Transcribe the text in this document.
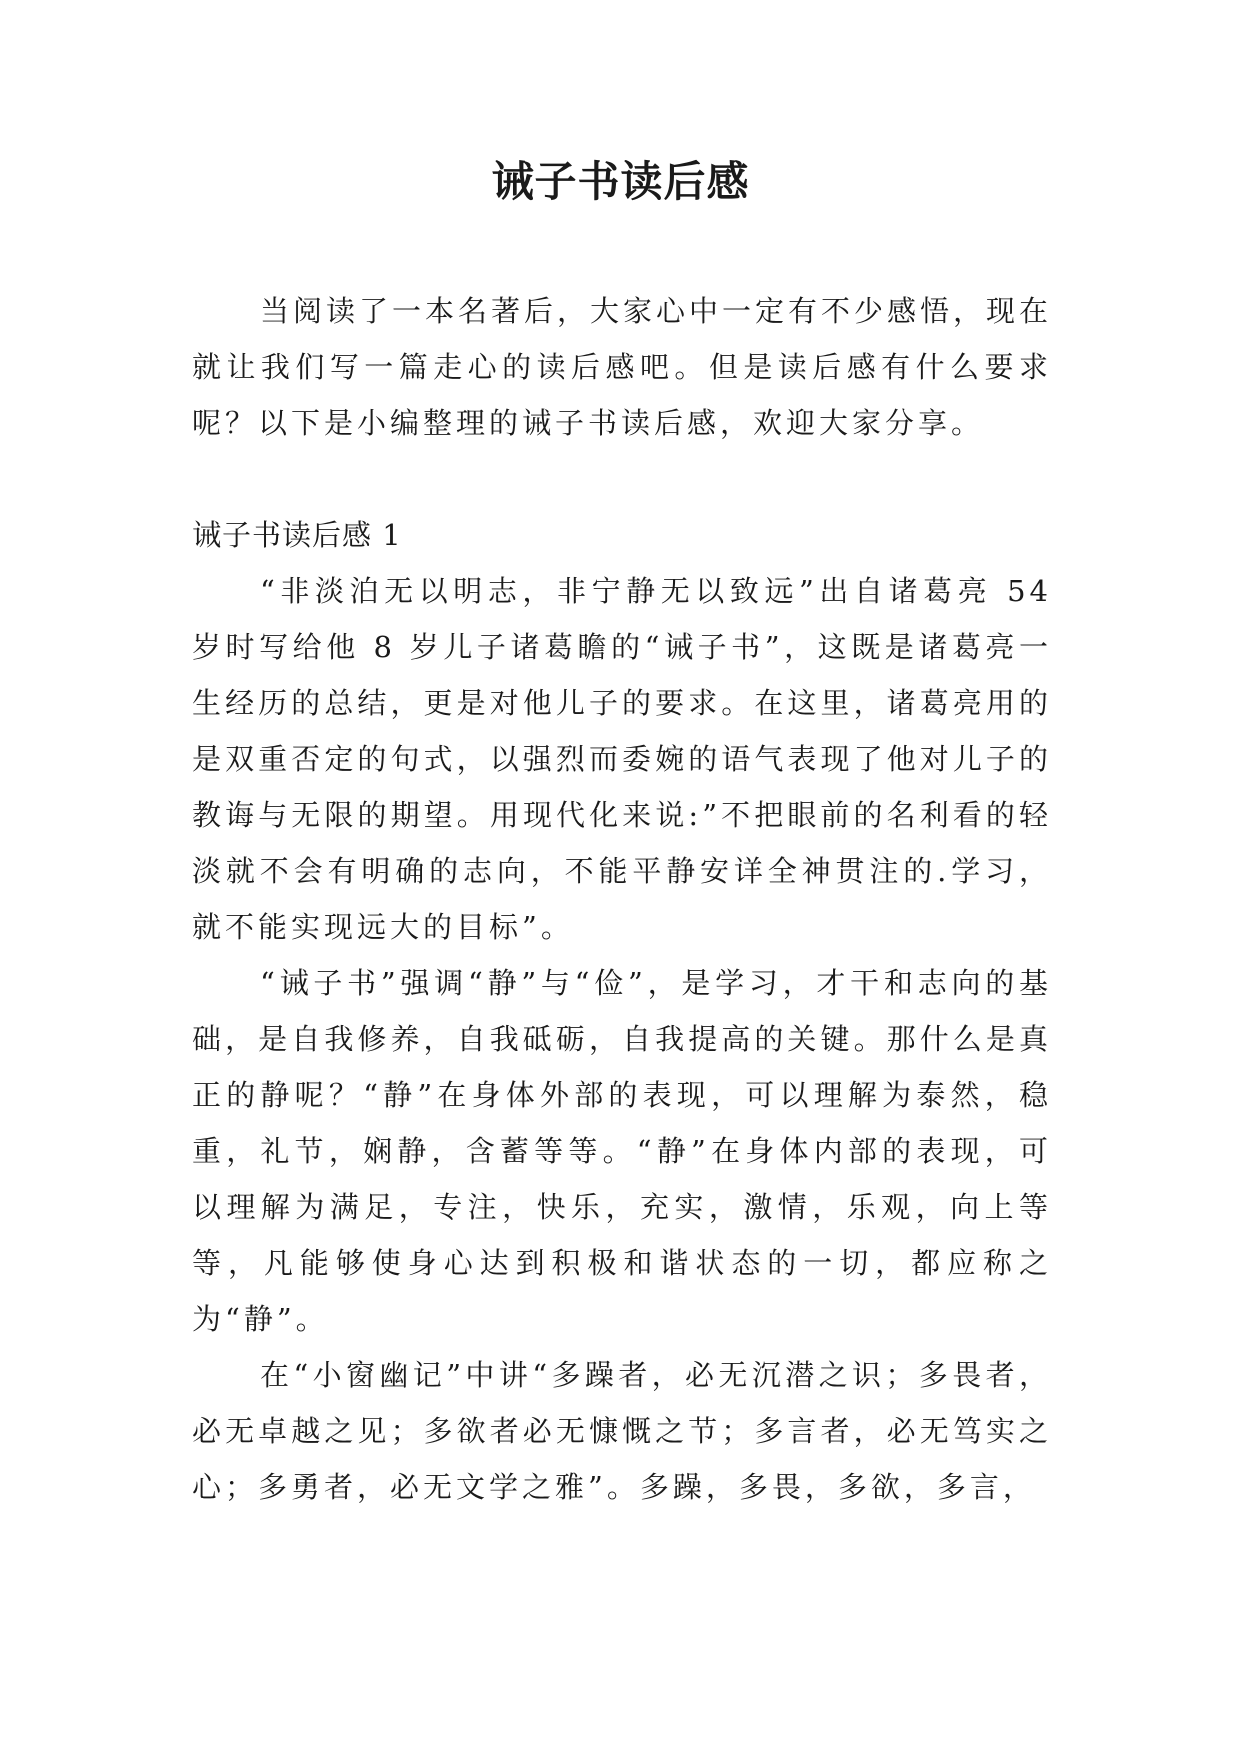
诫子书读后感

当阅读了一本名著后，大家心中一定有不少感悟，现在就让我们写一篇走心的读后感吧。但是读后感有什么要求呢？以下是小编整理的诫子书读后感，欢迎大家分享。

诫子书读后感 1

“非淡泊无以明志，非宁静无以致远”出自诸葛亮 54 岁时写给他 8 岁儿子诸葛瞻的“诫子书”，这既是诸葛亮一生经历的总结，更是对他儿子的要求。在这里，诸葛亮用的是双重否定的句式，以强烈而委婉的语气表现了他对儿子的教诲与无限的期望。用现代化来说:”不把眼前的名利看的轻淡就不会有明确的志向，不能平静安详全神贯注的.学习，就不能实现远大的目标”。

“诫子书”强调“静”与“俭”，是学习，才干和志向的基础，是自我修养，自我砥砺，自我提高的关键。那什么是真正的静呢？“静”在身体外部的表现，可以理解为泰然，稳重，礼节，娴静，含蓄等等。“静”在身体内部的表现，可以理解为满足，专注，快乐，充实，激情，乐观，向上等等，凡能够使身心达到积极和谐状态的一切，都应称之为“静”。

在“小窗幽记”中讲“多躁者，必无沉潜之识；多畏者，必无卓越之见；多欲者必无慷慨之节；多言者，必无笃实之心；多勇者，必无文学之雅”。多躁，多畏，多欲，多言，
